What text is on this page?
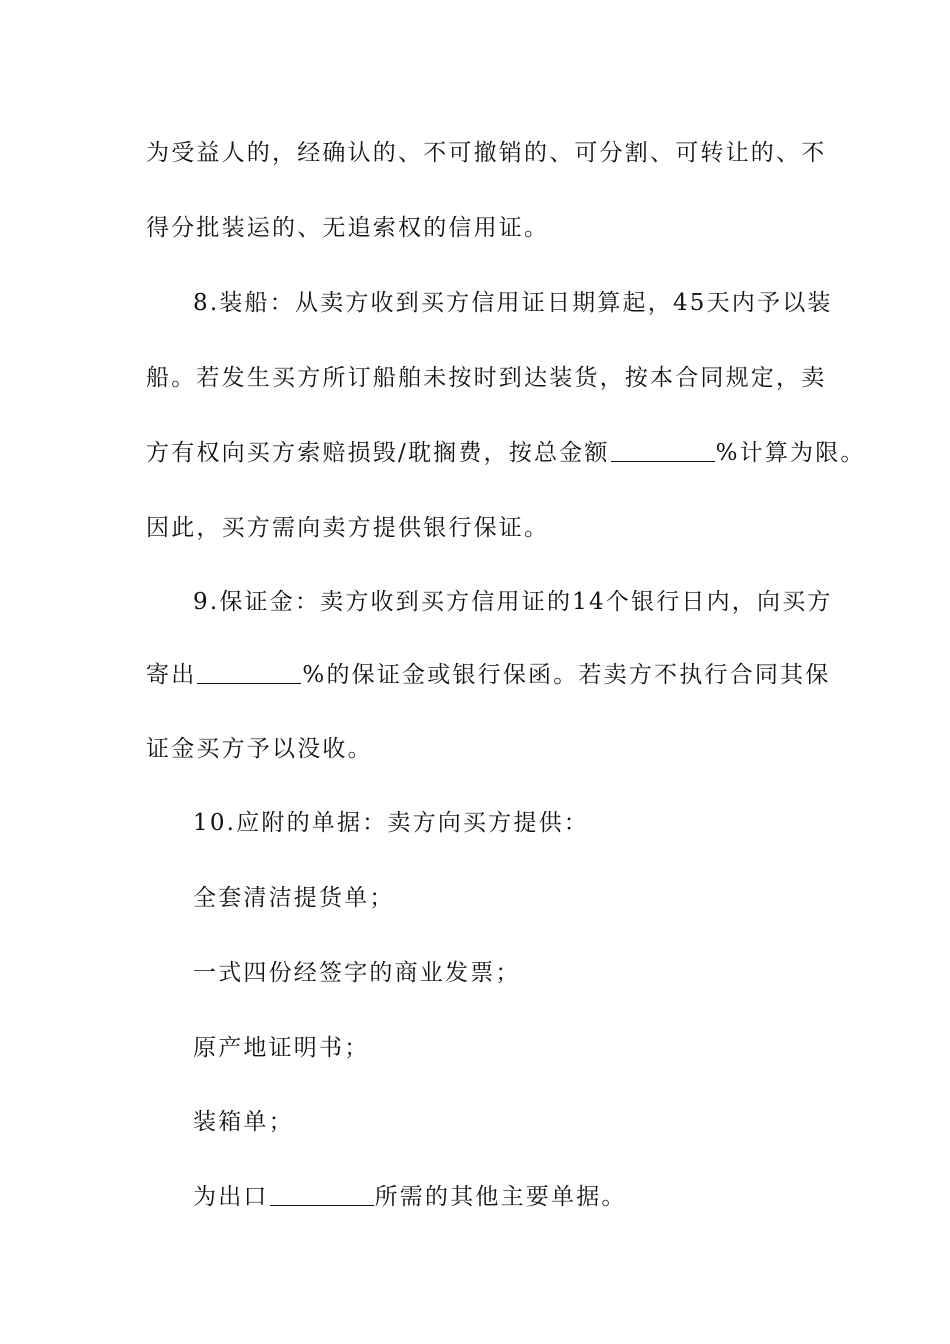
为受益人的，经确认的、不可撤销的、可分割、可转让的、不

得分批装运的、无追索权的信用证。

8.装船：从卖方收到买方信用证日期算起，45天内予以装

船。若发生买方所订船舶未按时到达装货，按本合同规定，卖

方有权向买方索赔损毁/耽搁费，按总金额	%计算为限。

因此，买方需向卖方提供银行保证。

9.保证金：卖方收到买方信用证的14个银行日内，向买方

寄出	%的保证金或银行保函。若卖方不执行合同其保

证金买方予以没收。

10.应附的单据：卖方向买方提供：

全套清洁提货单；

一式四份经签字的商业发票；

原产地证明书；

装箱单；

为出口	所需的其他主要单据。
